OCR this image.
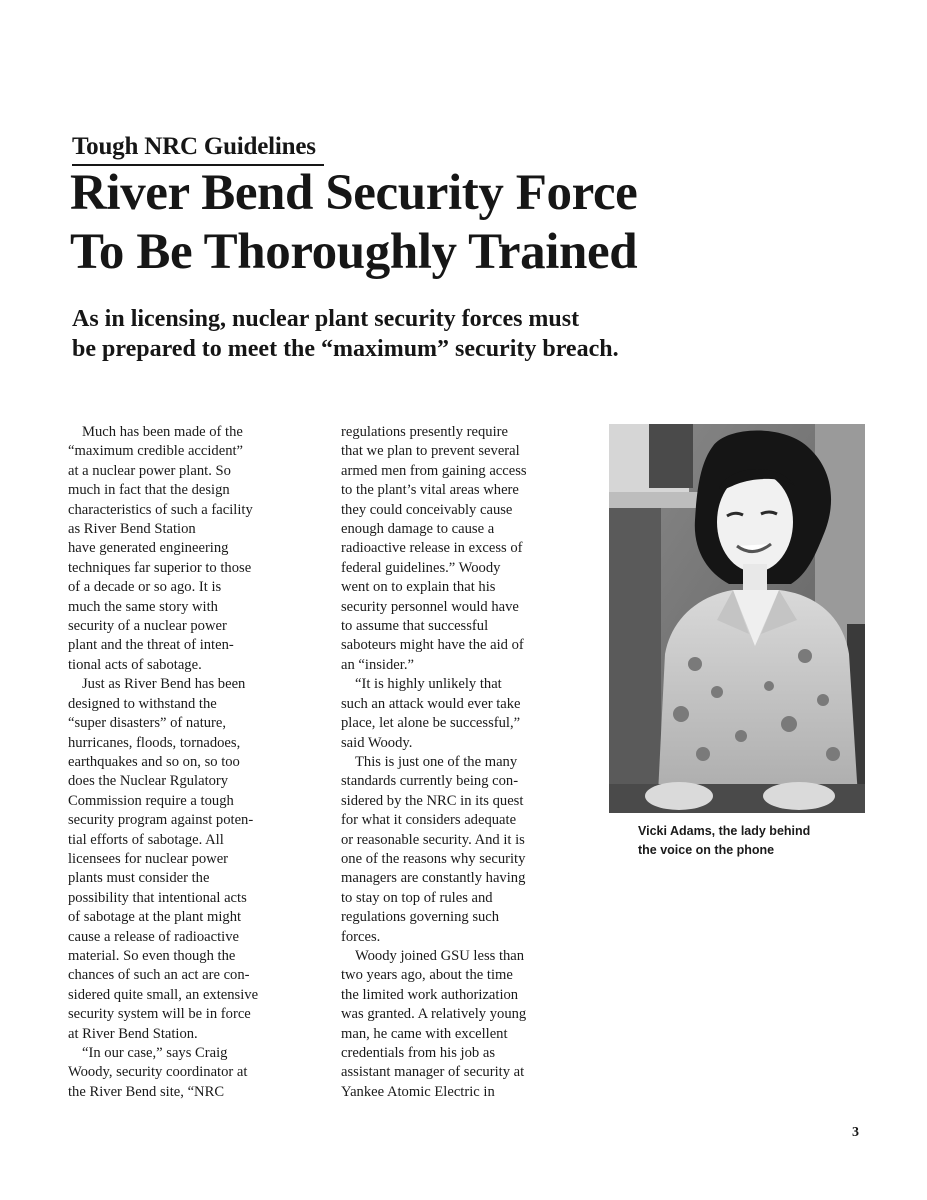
Tough NRC Guidelines
River Bend Security Force
To Be Thoroughly Trained
As in licensing, nuclear plant security forces must
be prepared to meet the “maximum” security breach.
Much has been made of the
“maximum credible accident”
at a nuclear power plant. So
much in fact that the design
characteristics of such a facility
as River Bend Station
have generated engineering
techniques far superior to those
of a decade or so ago. It is
much the same story with
security of a nuclear power
plant and the threat of inten-
tional acts of sabotage.
Just as River Bend has been
designed to withstand the
“super disasters” of nature,
hurricanes, floods, tornadoes,
earthquakes and so on, so too
does the Nuclear Rgulatory
Commission require a tough
security program against poten-
tial efforts of sabotage. All
licensees for nuclear power
plants must consider the
possibility that intentional acts
of sabotage at the plant might
cause a release of radioactive
material. So even though the
chances of such an act are con-
sidered quite small, an extensive
security system will be in force
at River Bend Station.
“In our case,” says Craig
Woody, security coordinator at
the River Bend site, “NRC
regulations presently require
that we plan to prevent several
armed men from gaining access
to the plant’s vital areas where
they could conceivably cause
enough damage to cause a
radioactive release in excess of
federal guidelines.” Woody
went on to explain that his
security personnel would have
to assume that successful
saboteurs might have the aid of
an “insider.”
“It is highly unlikely that
such an attack would ever take
place, let alone be successful,”
said Woody.
This is just one of the many
standards currently being con-
sidered by the NRC in its quest
for what it considers adequate
or reasonable security. And it is
one of the reasons why security
managers are constantly having
to stay on top of rules and
regulations governing such
forces.
Woody joined GSU less than
two years ago, about the time
the limited work authorization
was granted. A relatively young
man, he came with excellent
credentials from his job as
assistant manager of security at
Yankee Atomic Electric in
Vicki Adams, the lady behind
the voice on the phone
3
